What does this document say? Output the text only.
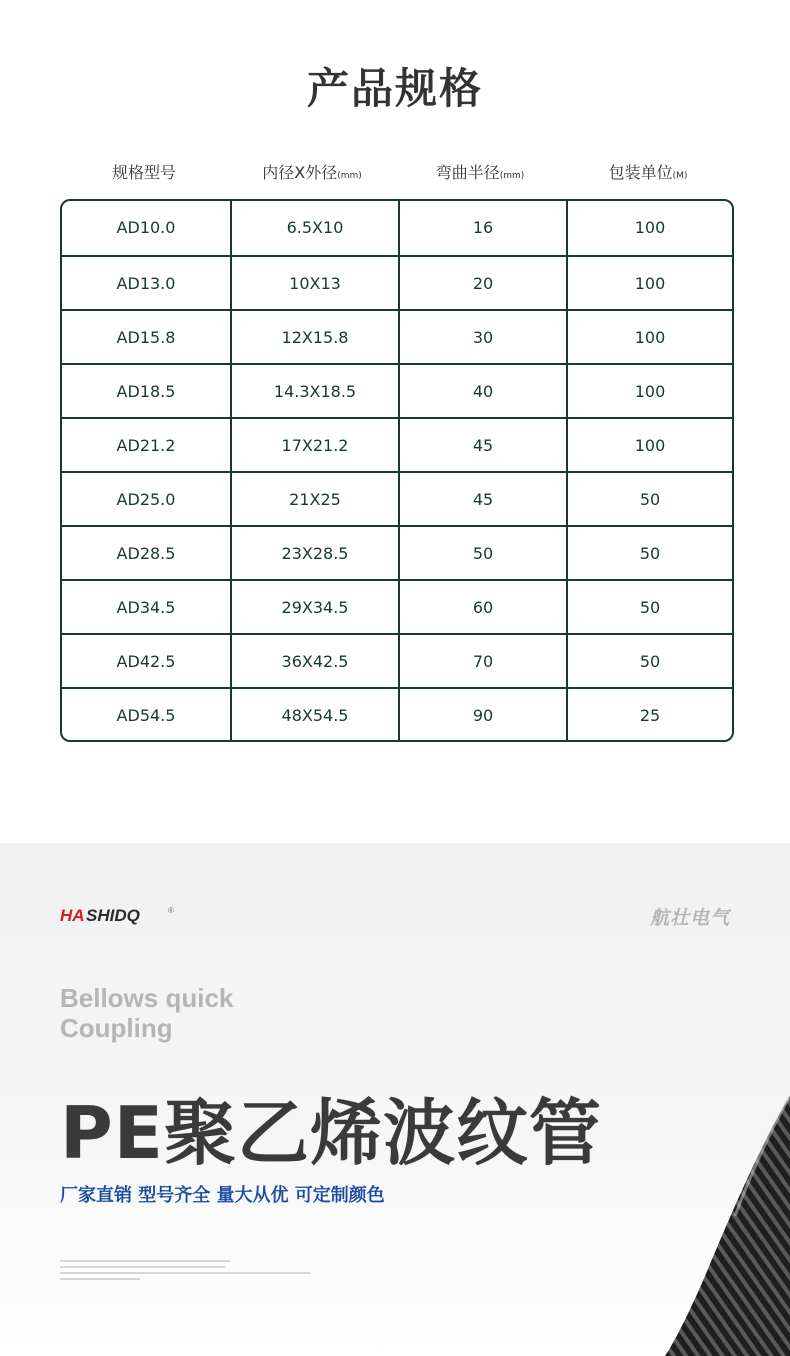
产品规格
规格型号	内径X外径(mm)	弯曲半径(mm)	包装单位(M)
AD10.0	6.5X10	16	100
AD13.0	10X13	20	100
AD15.8	12X15.8	30	100
AD18.5	14.3X18.5	40	100
AD21.2	17X21.2	45	100
AD25.0	21X25	45	50
AD28.5	23X28.5	50	50
AD34.5	29X34.5	60	50
AD42.5	36X42.5	70	50
AD54.5	48X54.5	90	25
HA SHIDQ	®	航壮电气
Bellows quick
Coupling
PE聚乙烯波纹管
厂家直销 型号齐全 量大从优 可定制颜色
